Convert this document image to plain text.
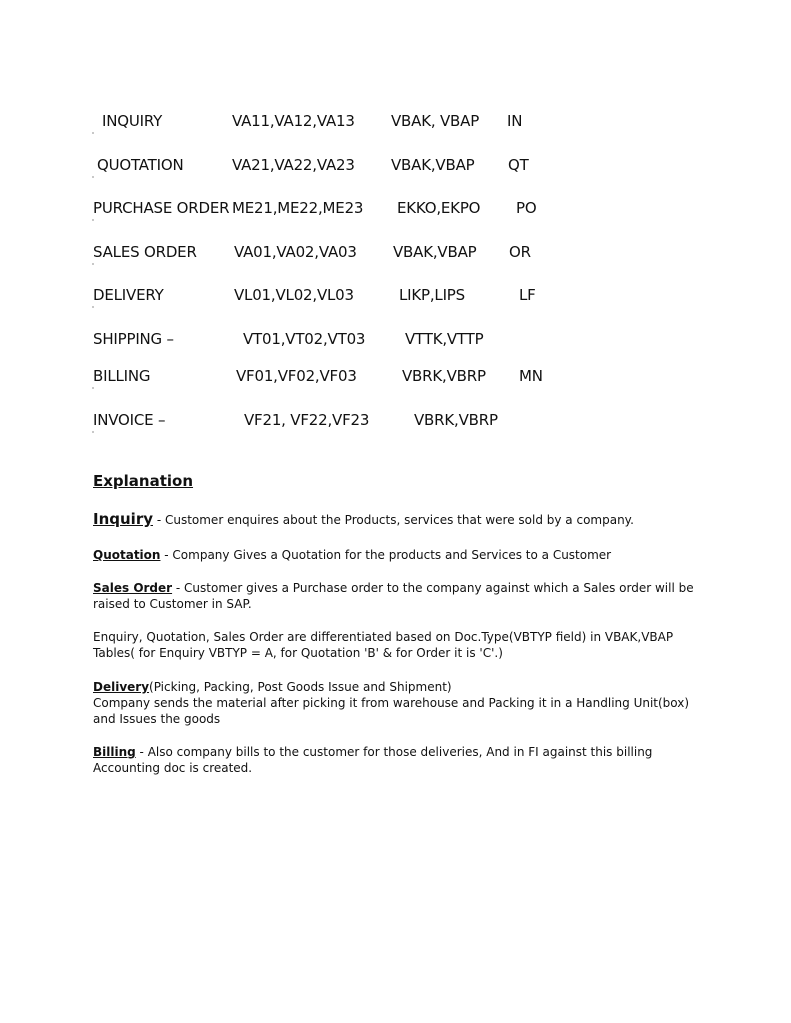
INQUIRY	VA11,VA12,VA13 VBAK, VBAP IN
QUOTATION	VA21,VA22,VA23 VBAK,VBAP QT
PURCHASE ORDER ME21,ME22,ME23 EKKO,EKPO PO
SALES ORDER VA01,VA02,VA03 VBAK,VBAP OR
DELIVERY	VL01,VL02,VL03	LIKP,LIPS	LF
SHIPPING –	VT01,VT02,VT03	VTTK,VTTP
BILLING	VF01,VF02,VF03	VBRK,VBRP MN
INVOICE –	VF21, VF22,VF23	VBRK,VBRP
Explanation
Inquiry - Customer enquires about the Products, services that were sold by a company.
Quotation - Company Gives a Quotation for the products and Services to a Customer
Sales Order - Customer gives a Purchase order to the company against which a Sales order will be raised to Customer in SAP.
Enquiry, Quotation, Sales Order are differentiated based on Doc.Type(VBTYP field) in VBAK,VBAP Tables( for Enquiry VBTYP = A, for Quotation 'B' & for Order it is 'C'.)
Delivery(Picking, Packing, Post Goods Issue and Shipment)
Company sends the material after picking it from warehouse and Packing it in a Handling Unit(box) and Issues the goods
Billing - Also company bills to the customer for those deliveries, And in FI against this billing Accounting doc is created.
